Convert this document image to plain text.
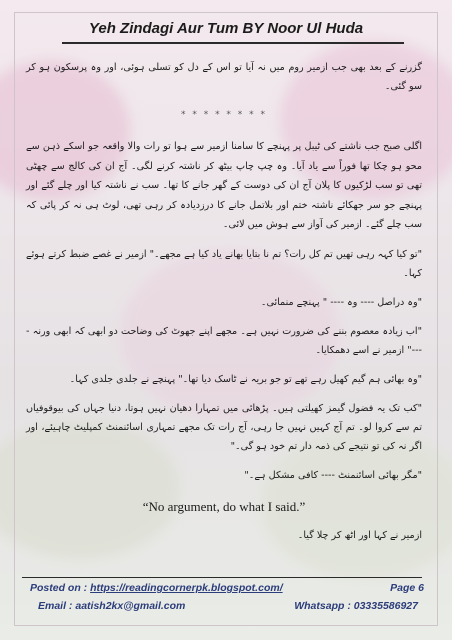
Yeh Zindagi Aur Tum BY Noor Ul Huda

گزرنے کے بعد بھی جب ازمیر روم میں نہ آیا تو اس کے دل کو تسلی ہوئی، اور وہ پرسکون ہو کر سو گئی۔

* * * * * * * *

اگلی صبح جب ناشتے کی ٹیبل پر پہنچے کا سامنا ازمیر سے ہوا تو رات والا واقعہ جو اسکے ذہن سے محو ہو چکا تھا فوراً سے یاد آیا۔ وہ چپ چاپ بیٹھ کر ناشتہ کرنے لگی۔ آج ان کی کالج سے چھٹی تھی تو سب لڑکیوں کا پلان آج ان کی دوست کے گھر جانے کا تھا۔ سب نے ناشتہ کیا اور چلے گئے اور پہنچے جو سر جھکائے ناشتہ ختم اور بلاتمل جانے کا درزدیادہ کر رہی تھی، لوٹ ہی نہ کر پائی کہ سب چلے گئے۔ ازمیر کی آواز سے ہوش میں لائی۔

"تو کیا کہہ رہی تھیں تم کل رات؟ تم نا بتایا بھانے یاد کیا ہے مجھے۔" ازمیر نے غصے ضبط کرتے ہوئے کہا۔

"وہ دراصل ---- وہ ---- " پہنچے منمائی۔

"اب زیادہ معصوم بننے کی ضرورت نہیں ہے۔ مجھے اپنے جھوٹ کی وضاحت دو ابھی کہ ابھی ورنہ ----" ازمیر نے اسے دھمکایا۔

"وہ بھائی ہم گیم کھیل رہے تھے تو جو بریہ نے ٹاسک دیا تھا۔" پہنچے نے جلدی جلدی کہا۔

"کب تک یہ فضول گیمز کھیلتی ہیں۔ پڑھائی میں تمہارا دھیان نہیں ہوتا، دنیا جہاں کی بیوقوفیاں تم سے کروا لو۔ تم آج کہیں نہیں جا رہی، آج رات تک مجھے تمہاری اسائنمنٹ کمپلیٹ چاہیئے، اور اگر نہ کی تو نتیجے کی ذمہ دار تم خود ہو گی۔"

"مگر بھائی اسائنمنٹ ---- کافی مشکل ہے۔"

“No argument, do what I said.”

ازمیر نے کہا اور اٹھ کر چلا گیا۔

Posted on : https://readingcornerpk.blogspot.com/	Page 6
Email : aatish2kx@gmail.com	Whatsapp : 03335586927
